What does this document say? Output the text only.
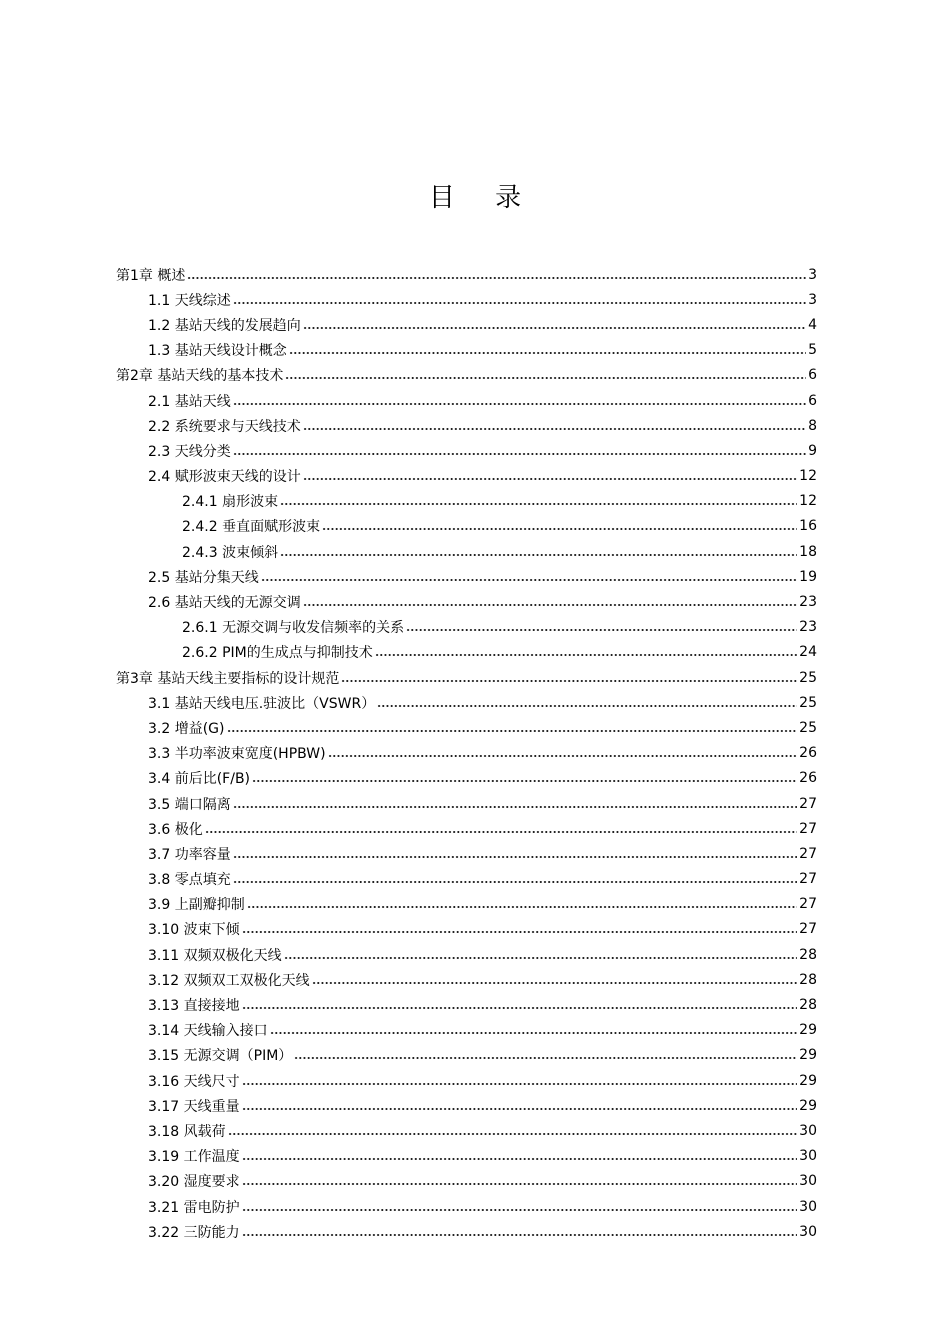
目 录
第1章 概述	3
1.1 天线综述	3
1.2 基站天线的发展趋向	4
1.3 基站天线设计概念	5
第2章 基站天线的基本技术	6
2.1 基站天线	6
2.2 系统要求与天线技术	8
2.3 天线分类	9
2.4 赋形波束天线的设计	12
2.4.1 扇形波束	12
2.4.2 垂直面赋形波束	16
2.4.3 波束倾斜	18
2.5 基站分集天线	19
2.6 基站天线的无源交调	23
2.6.1 无源交调与收发信频率的关系	23
2.6.2 PIM的生成点与抑制技术	24
第3章 基站天线主要指标的设计规范	25
3.1 基站天线电压.驻波比（VSWR）	25
3.2 增益(G)	25
3.3 半功率波束宽度(HPBW)	26
3.4 前后比(F/B)	26
3.5 端口隔离	27
3.6 极化	27
3.7 功率容量	27
3.8 零点填充	27
3.9 上副瓣抑制	27
3.10 波束下倾	27
3.11 双频双极化天线	28
3.12 双频双工双极化天线	28
3.13 直接接地	28
3.14 天线输入接口	29
3.15 无源交调（PIM）	29
3.16 天线尺寸	29
3.17 天线重量	29
3.18 风载荷	30
3.19 工作温度	30
3.20 湿度要求	30
3.21 雷电防护	30
3.22 三防能力	30
